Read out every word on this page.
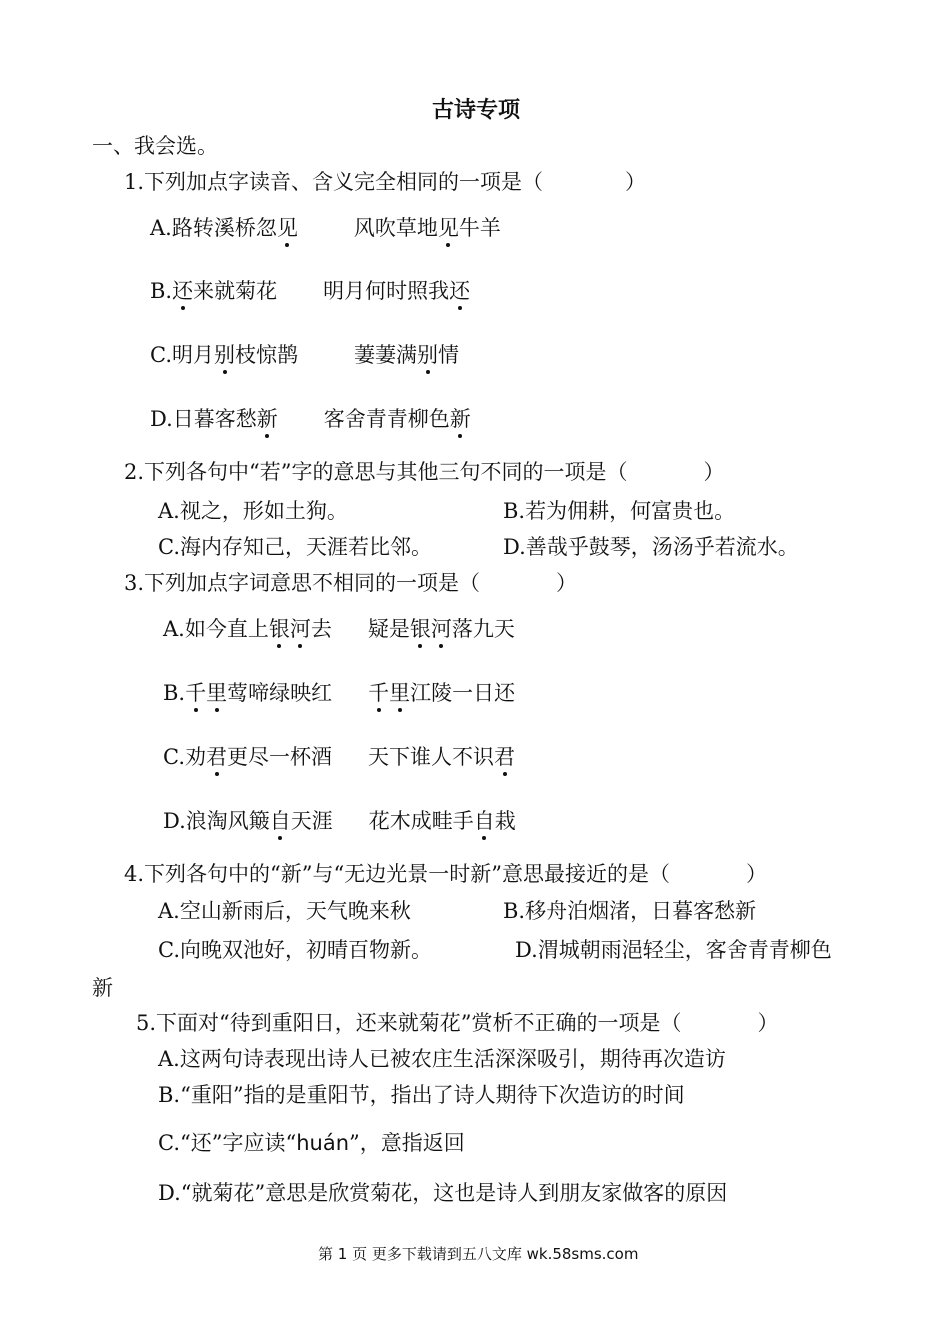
古诗专项
一、我会选。
1.下列加点字读音、含义完全相同的一项是（	）
A.路转溪桥忽见	风吹草地见牛羊
B.还来就菊花 明月何时照我还
C.明月别枝惊鹊	萋萋满别情
D.日暮客愁新 客舍青青柳色新
2.下列各句中“若”字的意思与其他三句不同的一项是（	）
A.视之，形如土狗。	B.若为佣耕，何富贵也。
C.海内存知己，天涯若比邻。	D.善哉乎鼓琴，汤汤乎若流水。
3.下列加点字词意思不相同的一项是（	）
A.如今直上银河去 疑是银河落九天
B.千里莺啼绿映红 千里江陵一日还
C.劝君更尽一杯酒 天下谁人不识君
D.浪淘风簸自天涯 花木成畦手自栽
4.下列各句中的“新”与“无边光景一时新”意思最接近的是（	）
A.空山新雨后，天气晚来秋	B.移舟泊烟渚，日暮客愁新
C.向晚双池好，初晴百物新。	D.渭城朝雨浥轻尘，客舍青青柳色
新
5.下面对“待到重阳日，还来就菊花”赏析不正确的一项是（	）
A.这两句诗表现出诗人已被农庄生活深深吸引，期待再次造访
B.“重阳”指的是重阳节，指出了诗人期待下次造访的时间
C.“还”字应读“huán”，意指返回
D.“就菊花”意思是欣赏菊花，这也是诗人到朋友家做客的原因
第 1 页 更多下载请到五八文库 wk.58sms.com
